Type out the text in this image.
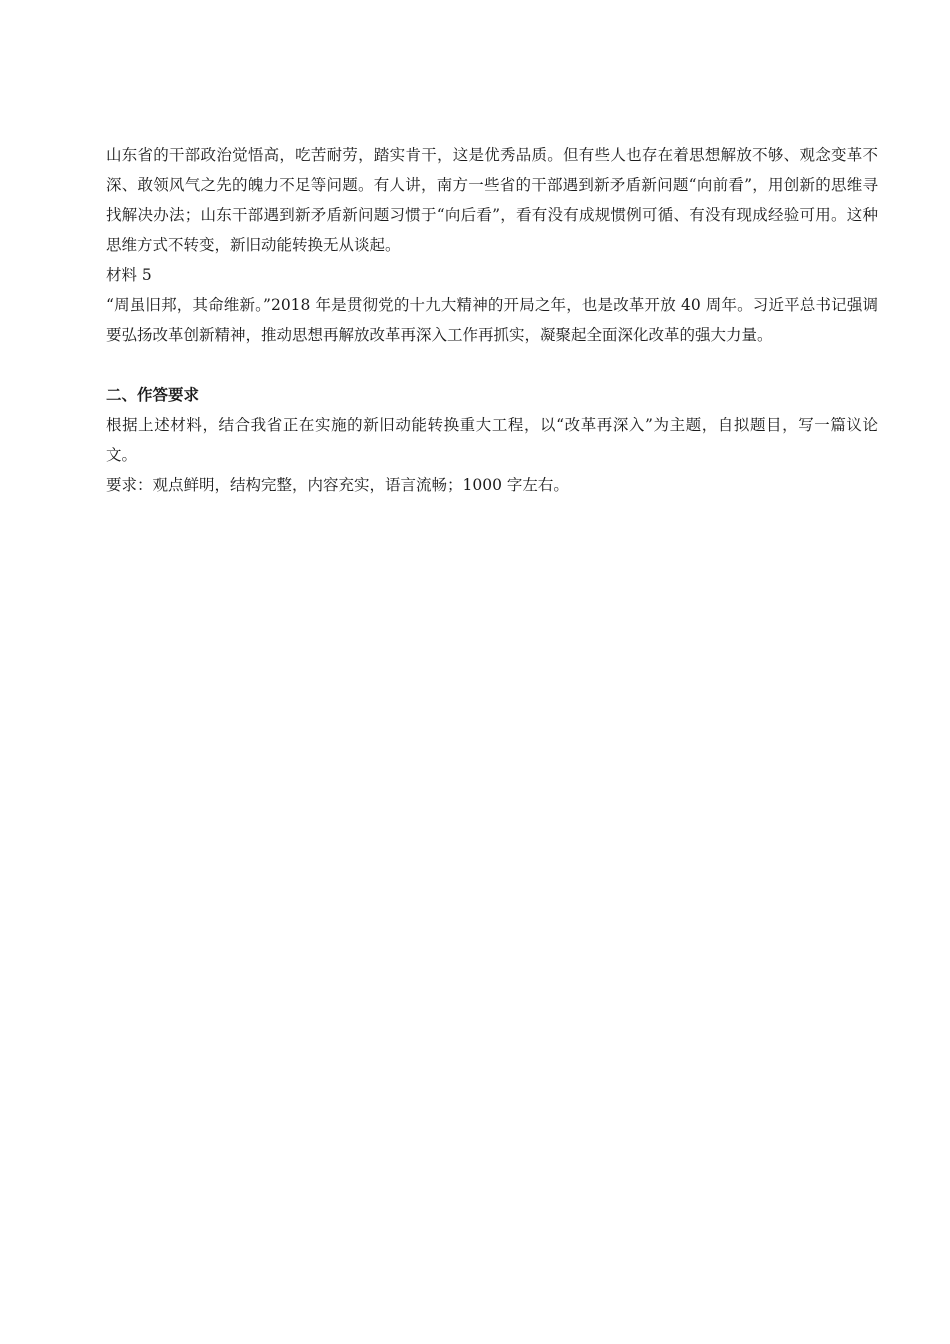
山东省的干部政治觉悟高，吃苦耐劳，踏实肯干，这是优秀品质。但有些人也存在着思想解放不够、观念变革不深、敢领风气之先的魄力不足等问题。有人讲，南方一些省的干部遇到新矛盾新问题“向前看”，用创新的思维寻找解决办法；山东干部遇到新矛盾新问题习惯于“向后看”，看有没有成规惯例可循、有没有现成经验可用。这种思维方式不转变，新旧动能转换无从谈起。

材料 5

“周虽旧邦，其命维新。”2018 年是贯彻党的十九大精神的开局之年，也是改革开放 40 周年。习近平总书记强调要弘扬改革创新精神，推动思想再解放改革再深入工作再抓实，凝聚起全面深化改革的强大力量。

二、作答要求

根据上述材料，结合我省正在实施的新旧动能转换重大工程，以“改革再深入”为主题，自拟题目，写一篇议论文。

要求：观点鲜明，结构完整，内容充实，语言流畅；1000 字左右。
